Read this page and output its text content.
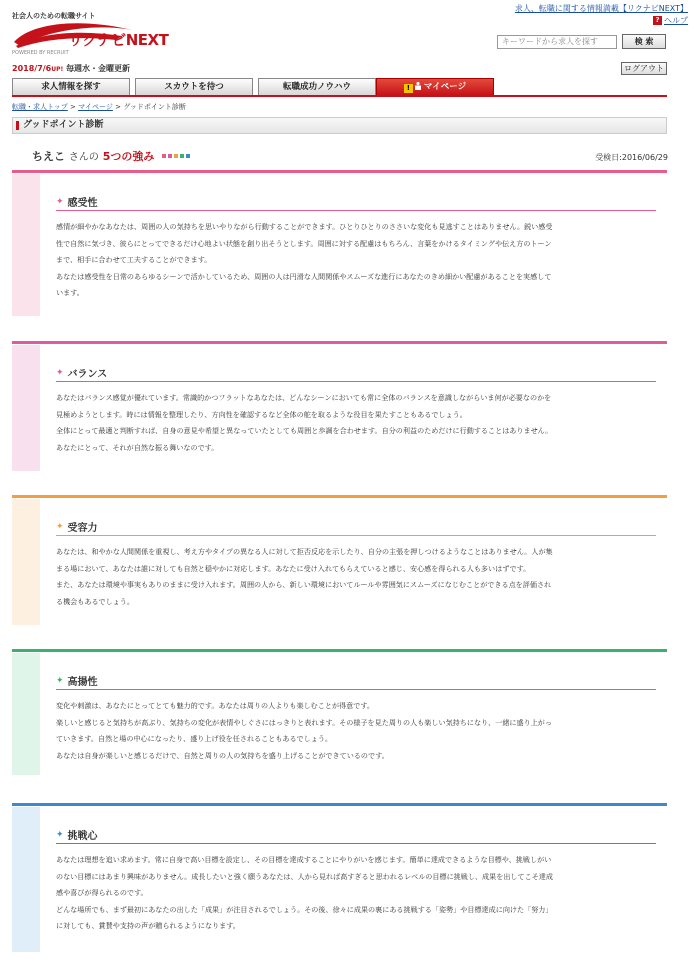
社会人のための転職サイト
リクナビNEXT
POWERED BY RECRUIT
求人、転職に関する情報満載【リクナビNEXT】
? ヘルプ
キーワードから求人を探す	検 索
2018/7/6UP! 毎週水・金曜更新	ログアウト
求人情報を探す	スカウトを待つ	転職成功ノウハウ	! マイページ
転職・求人トップ > マイページ > グッドポイント診断
グッドポイント診断
ちえこ さんの 5つの強み	受検日:2016/06/29
✦ 感受性

感情が細やかなあなたは、周囲の人の気持ちを思いやりながら行動することができます。ひとりひとりのささいな変化も見逃すことはありません。鋭い感受

性で自然に気づき、彼らにとってできるだけ心地よい状態を創り出そうとします。周囲に対する配慮はもちろん、言葉をかけるタイミングや伝え方のトーン

まで、相手に合わせて工夫することができます。

あなたは感受性を日常のあらゆるシーンで活かしているため、周囲の人は円滑な人間関係やスムーズな進行にあなたのきめ細かい配慮があることを実感して

います。

✦ バランス

あなたはバランス感覚が優れています。常識的かつフラットなあなたは、どんなシーンにおいても常に全体のバランスを意識しながらいま何が必要なのかを

見極めようとします。時には情報を整理したり、方向性を確認するなど全体の舵を取るような役目を果たすこともあるでしょう。

全体にとって最適と判断すれば、自身の意見や希望と異なっていたとしても周囲と歩調を合わせます。自分の利益のためだけに行動することはありません。

あなたにとって、それが自然な振る舞いなのです。

✦ 受容力

あなたは、和やかな人間関係を重視し、考え方やタイプの異なる人に対して拒否反応を示したり、自分の主張を押しつけるようなことはありません。人が集

まる場において、あなたは誰に対しても自然と穏やかに対応します。あなたに受け入れてもらえていると感じ、安心感を得られる人も多いはずです。

また、あなたは環境や事実もありのままに受け入れます。周囲の人から、新しい環境においてルールや雰囲気にスムーズになじむことができる点を評価され

る機会もあるでしょう。

✦ 高揚性

変化や刺激は、あなたにとってとても魅力的です。あなたは周りの人よりも楽しむことが得意です。

楽しいと感じると気持ちが高ぶり、気持ちの変化が表情やしぐさにはっきりと表れます。その様子を見た周りの人も楽しい気持ちになり、一緒に盛り上がっ

ていきます。自然と場の中心になったり、盛り上げ役を任されることもあるでしょう。

あなたは自身が楽しいと感じるだけで、自然と周りの人の気持ちを盛り上げることができているのです。

✦ 挑戦心

あなたは理想を追い求めます。常に自身で高い目標を設定し、その目標を達成することにやりがいを感じます。簡単に達成できるような目標や、挑戦しがい

のない目標にはあまり興味がありません。成長したいと強く願うあなたは、人から見れば高すぎると思われるレベルの目標に挑戦し、成果を出してこそ達成

感や喜びが得られるのです。

どんな場所でも、まず最初にあなたの出した「成果」が注目されるでしょう。その後、徐々に成果の裏にある挑戦する「姿勢」や目標達成に向けた「努力」

に対しても、賞賛や支持の声が贈られるようになります。
